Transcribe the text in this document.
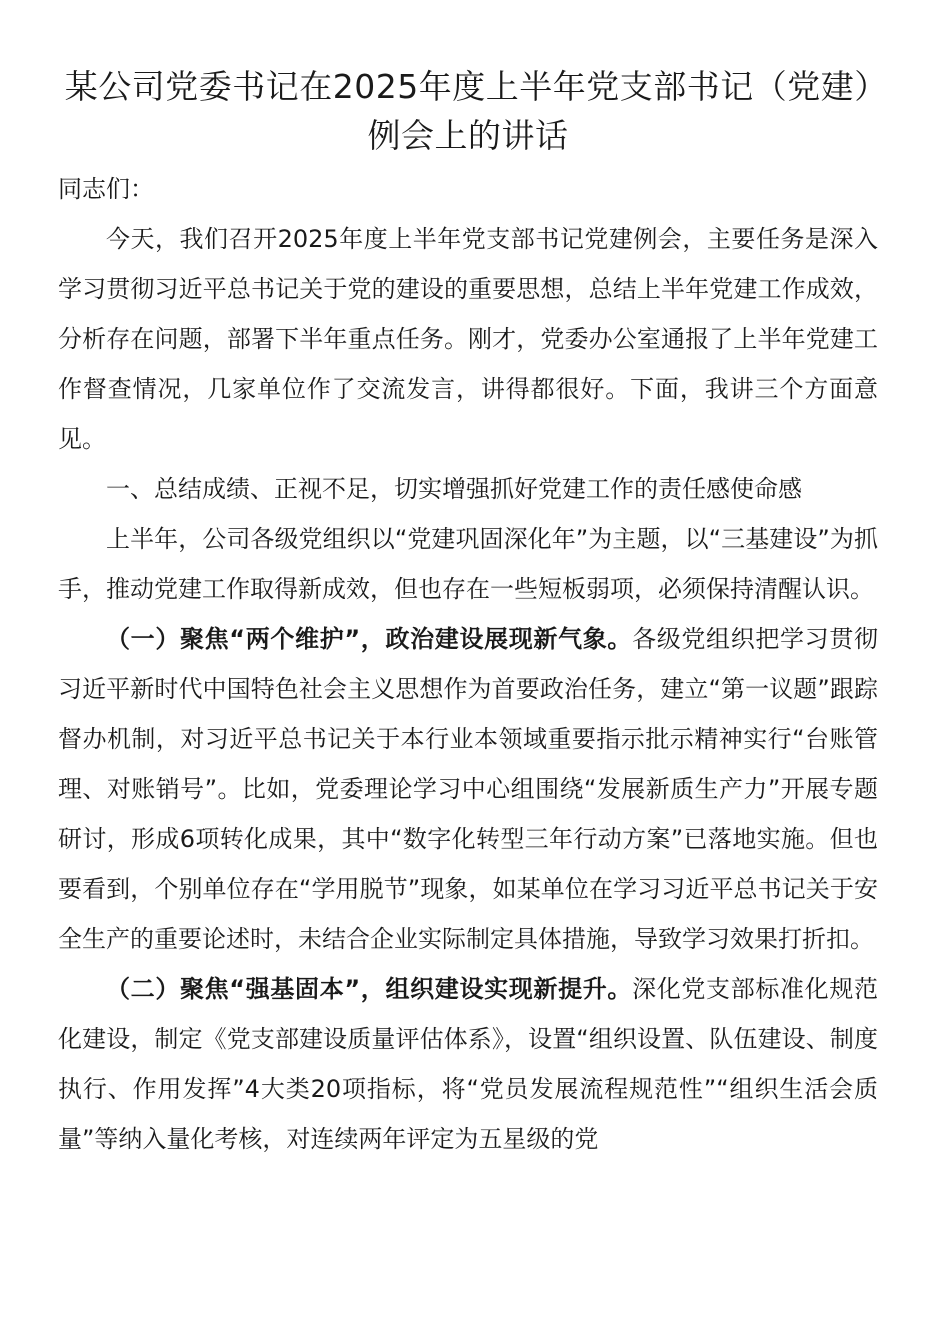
某公司党委书记在2025年度上半年党支部书记（党建）例会上的讲话

同志们：

今天，我们召开2025年度上半年党支部书记党建例会，主要任务是深入学习贯彻习近平总书记关于党的建设的重要思想，总结上半年党建工作成效，分析存在问题，部署下半年重点任务。刚才，党委办公室通报了上半年党建工作督查情况，几家单位作了交流发言，讲得都很好。下面，我讲三个方面意见。

一、总结成绩、正视不足，切实增强抓好党建工作的责任感使命感

上半年，公司各级党组织以“党建巩固深化年”为主题，以“三基建设”为抓手，推动党建工作取得新成效，但也存在一些短板弱项，必须保持清醒认识。

（一）聚焦“两个维护”，政治建设展现新气象。各级党组织把学习贯彻习近平新时代中国特色社会主义思想作为首要政治任务，建立“第一议题”跟踪督办机制，对习近平总书记关于本行业本领域重要指示批示精神实行“台账管理、对账销号”。比如，党委理论学习中心组围绕“发展新质生产力”开展专题研讨，形成6项转化成果，其中“数字化转型三年行动方案”已落地实施。但也要看到，个别单位存在“学用脱节”现象，如某单位在学习习近平总书记关于安全生产的重要论述时，未结合企业实际制定具体措施，导致学习效果打折扣。

（二）聚焦“强基固本”，组织建设实现新提升。深化党支部标准化规范化建设，制定《党支部建设质量评估体系》，设置“组织设置、队伍建设、制度执行、作用发挥”4大类20项指标，将“党员发展流程规范性”“组织生活会质量”等纳入量化考核，对连续两年评定为五星级的党
